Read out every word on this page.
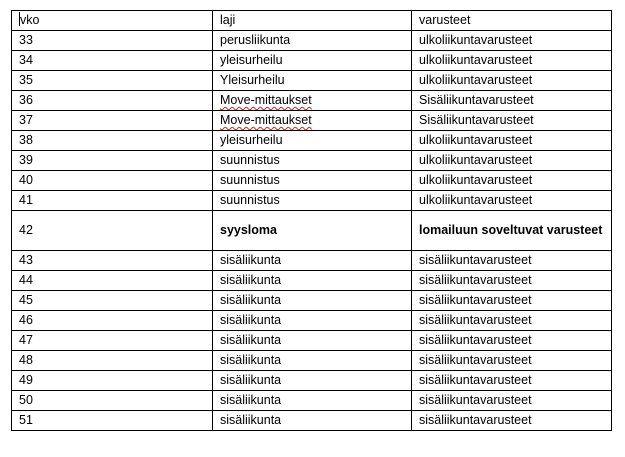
vko	laji	varusteet
33	perusliikunta	ulkoliikuntavarusteet
34	yleisurheilu	ulkoliikuntavarusteet
35	Yleisurheilu	ulkoliikuntavarusteet
36	Move-mittaukset	Sisäliikuntavarusteet
37	Move-mittaukset	Sisäliikuntavarusteet
38	yleisurheilu	ulkoliikuntavarusteet
39	suunnistus	ulkoliikuntavarusteet
40	suunnistus	ulkoliikuntavarusteet
41	suunnistus	ulkoliikuntavarusteet
42	syysloma	lomailuun soveltuvat varusteet
43	sisäliikunta	sisäliikuntavarusteet
44	sisäliikunta	sisäliikuntavarusteet
45	sisäliikunta	sisäliikuntavarusteet
46	sisäliikunta	sisäliikuntavarusteet
47	sisäliikunta	sisäliikuntavarusteet
48	sisäliikunta	sisäliikuntavarusteet
49	sisäliikunta	sisäliikuntavarusteet
50	sisäliikunta	sisäliikuntavarusteet
51	sisäliikunta	sisäliikuntavarusteet
